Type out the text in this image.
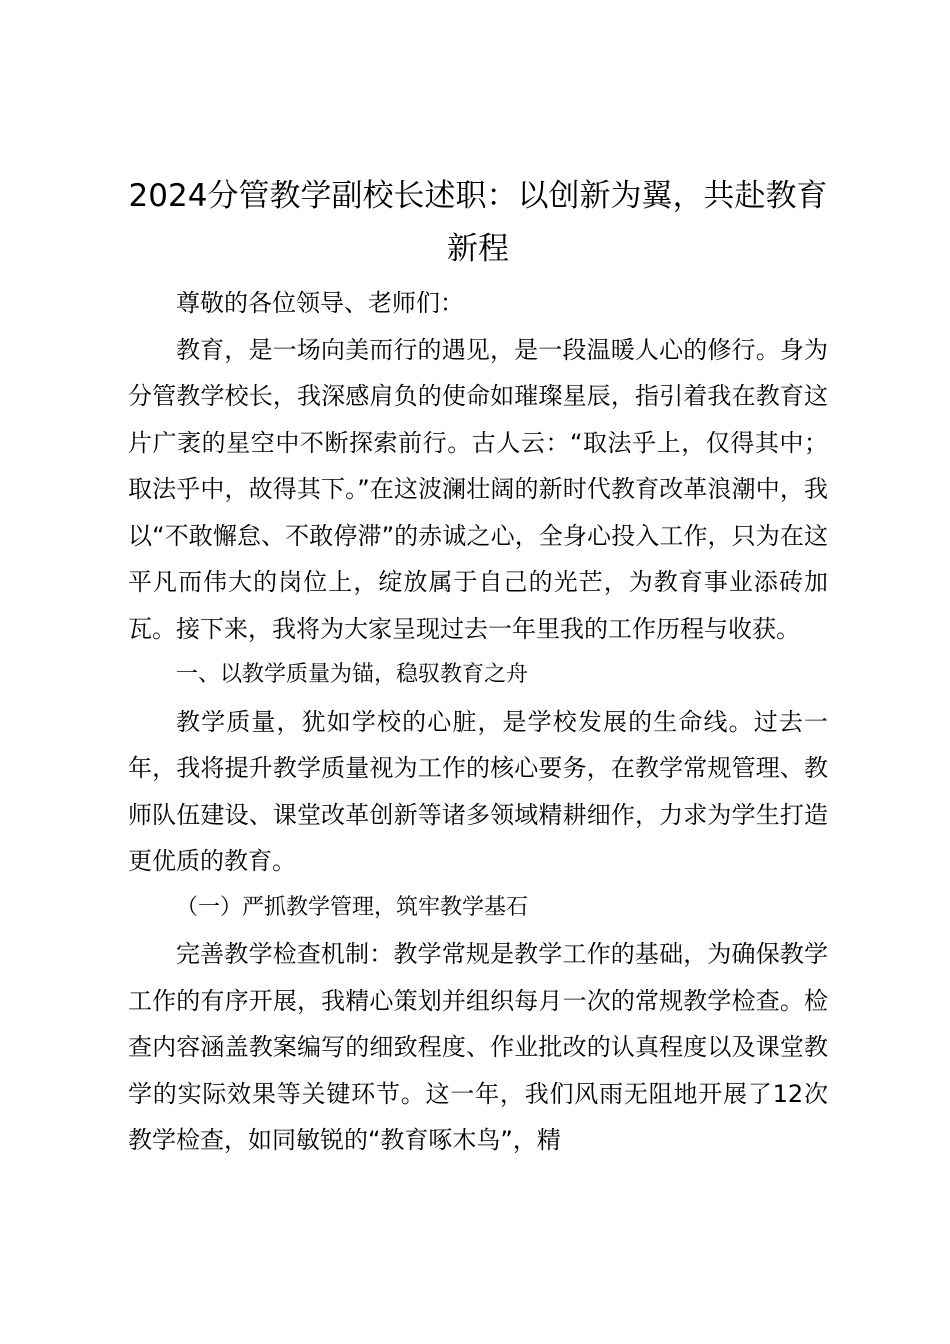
2024分管教学副校长述职：以创新为翼，共赴教育新程

尊敬的各位领导、老师们：

教育，是一场向美而行的遇见，是一段温暖人心的修行。身为分管教学校长，我深感肩负的使命如璀璨星辰，指引着我在教育这片广袤的星空中不断探索前行。古人云：“取法乎上，仅得其中；取法乎中，故得其下。”在这波澜壮阔的新时代教育改革浪潮中，我以“不敢懈怠、不敢停滞”的赤诚之心，全身心投入工作，只为在这平凡而伟大的岗位上，绽放属于自己的光芒，为教育事业添砖加瓦。接下来，我将为大家呈现过去一年里我的工作历程与收获。

一、以教学质量为锚，稳驭教育之舟

教学质量，犹如学校的心脏，是学校发展的生命线。过去一年，我将提升教学质量视为工作的核心要务，在教学常规管理、教师队伍建设、课堂改革创新等诸多领域精耕细作，力求为学生打造更优质的教育。

（一）严抓教学管理，筑牢教学基石

完善教学检查机制：教学常规是教学工作的基础，为确保教学工作的有序开展，我精心策划并组织每月一次的常规教学检查。检查内容涵盖教案编写的细致程度、作业批改的认真程度以及课堂教学的实际效果等关键环节。这一年，我们风雨无阻地开展了12次教学检查，如同敏锐的“教育啄木鸟”，精
